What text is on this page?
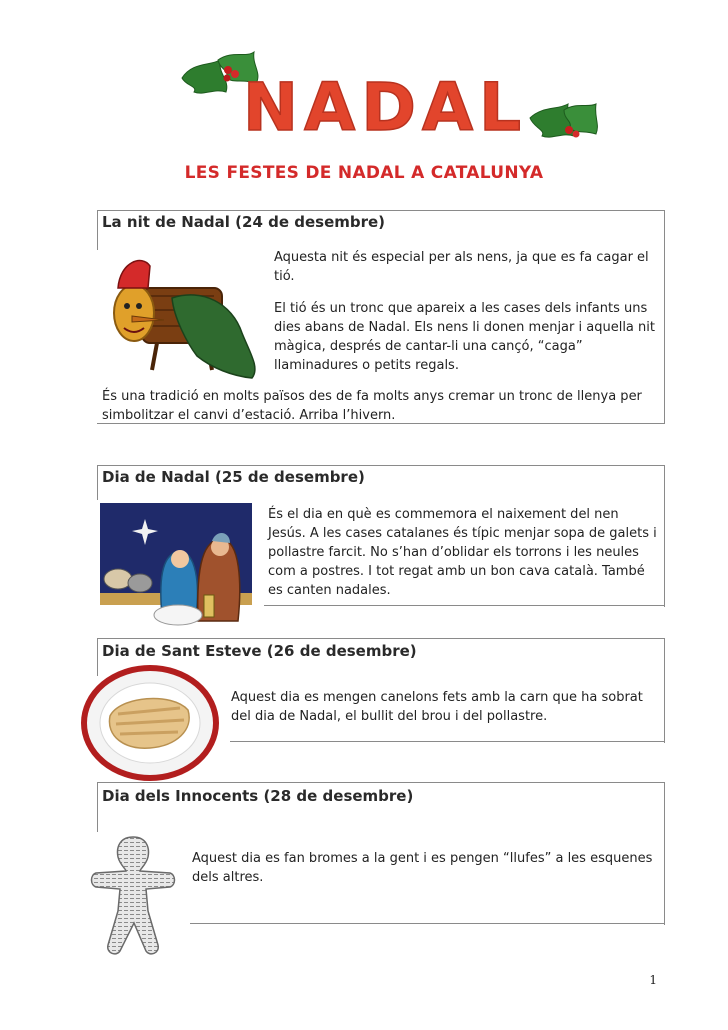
NADAL
LES FESTES DE NADAL A CATALUNYA
La nit de Nadal (24 de desembre)
Aquesta nit és especial per als nens, ja que es fa cagar el tió.
El tió és un tronc que apareix a les cases dels infants uns dies abans de Nadal. Els nens li donen menjar i aquella nit màgica, després de cantar-li una cançó, “caga” llaminadures o petits regals.
És una tradició en molts països des de fa molts anys cremar un tronc de llenya per simbolitzar el canvi d’estació. Arriba l’hivern.
Dia de Nadal (25 de desembre)
És el dia en què es commemora el naixement del nen Jesús. A les cases catalanes és típic menjar sopa de galets i pollastre farcit. No s’han d’oblidar els torrons i les neules com a postres. I tot regat amb un bon cava català. També es canten nadales.
Dia de Sant Esteve (26 de desembre)
Aquest dia es mengen canelons fets amb la carn que ha sobrat del dia de Nadal, el bullit del brou i del pollastre.
Dia dels Innocents (28 de desembre)
Aquest dia es fan bromes a la gent i es pengen “llufes” a les esquenes dels altres.
1
